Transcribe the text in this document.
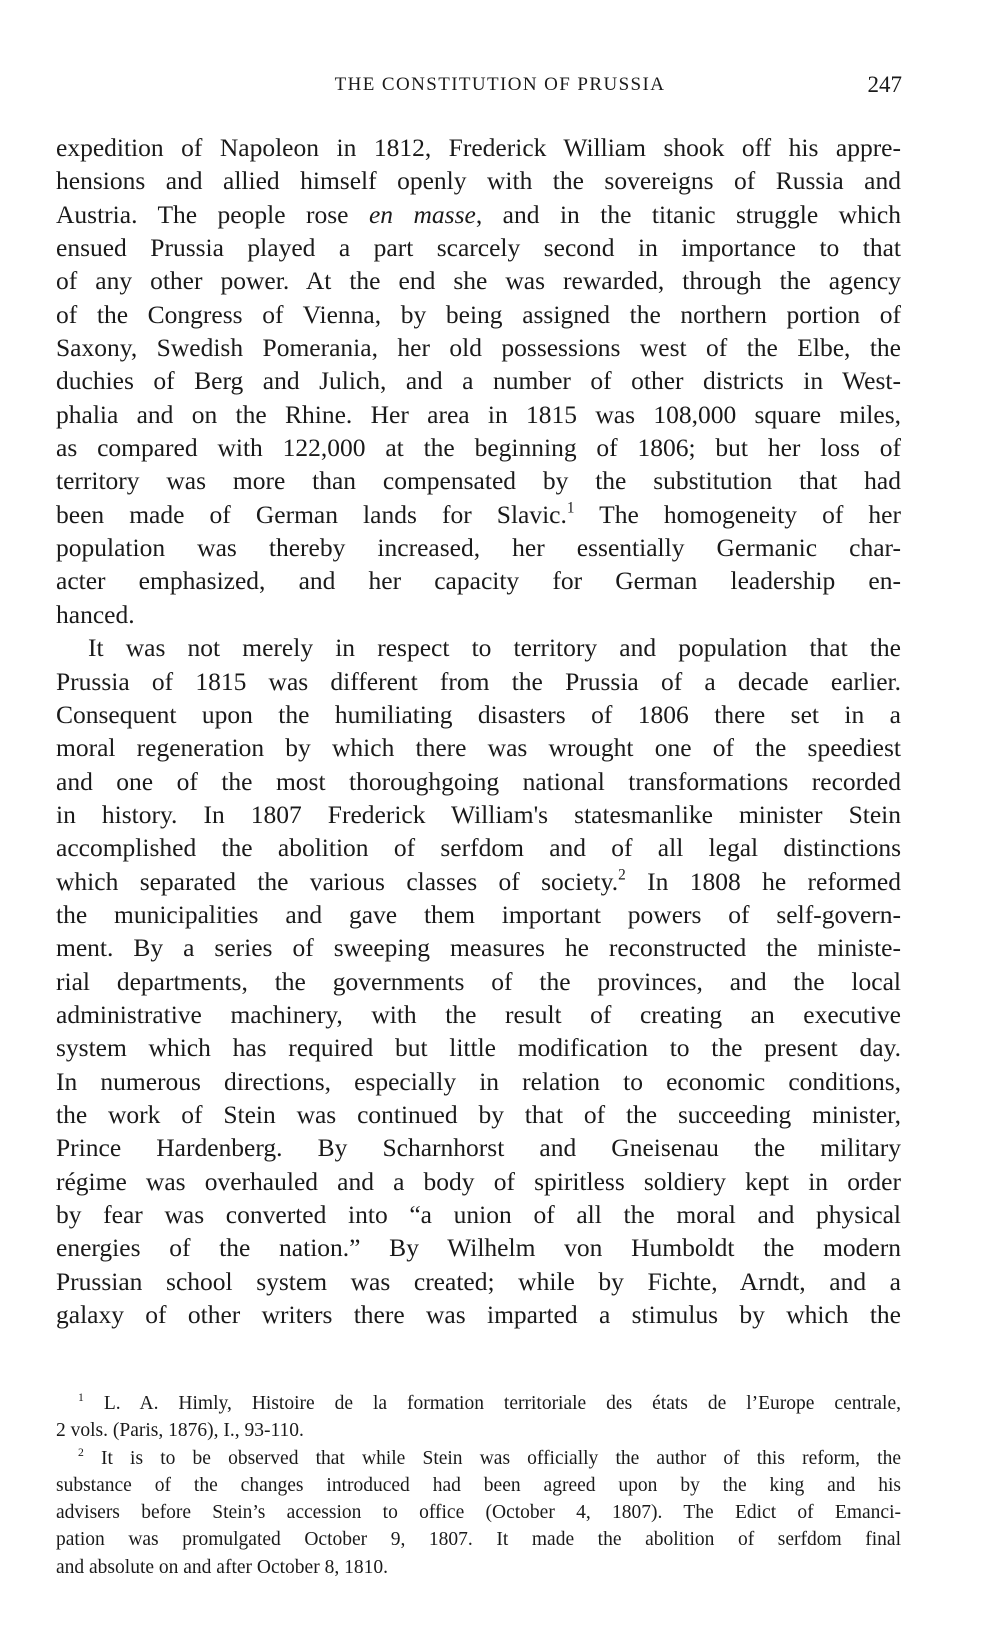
THE CONSTITUTION OF PRUSSIA	247
expedition of Napoleon in 1812, Frederick William shook off his appre-
hensions and allied himself openly with the sovereigns of Russia and
Austria. The people rose en masse, and in the titanic struggle which
ensued Prussia played a part scarcely second in importance to that
of any other power. At the end she was rewarded, through the agency
of the Congress of Vienna, by being assigned the northern portion of
Saxony, Swedish Pomerania, her old possessions west of the Elbe, the
duchies of Berg and Julich, and a number of other districts in West-
phalia and on the Rhine. Her area in 1815 was 108,000 square miles,
as compared with 122,000 at the beginning of 1806; but her loss of
territory was more than compensated by the substitution that had
been made of German lands for Slavic.$^1$ The homogeneity of her
population was thereby increased, her essentially Germanic char-
acter emphasized, and her capacity for German leadership en-
hanced.
It was not merely in respect to territory and population that the
Prussia of 1815 was different from the Prussia of a decade earlier.
Consequent upon the humiliating disasters of 1806 there set in a
moral regeneration by which there was wrought one of the speediest
and one of the most thoroughgoing national transformations recorded
in history. In 1807 Frederick William's statesmanlike minister Stein
accomplished the abolition of serfdom and of all legal distinctions
which separated the various classes of society.$^2$ In 1808 he reformed
the municipalities and gave them important powers of self-govern-
ment. By a series of sweeping measures he reconstructed the ministe-
rial departments, the governments of the provinces, and the local
administrative machinery, with the result of creating an executive
system which has required but little modification to the present day.
In numerous directions, especially in relation to economic conditions,
the work of Stein was continued by that of the succeeding minister,
Prince Hardenberg. By Scharnhorst and Gneisenau the military
régime was overhauled and a body of spiritless soldiery kept in order
by fear was converted into “a union of all the moral and physical
energies of the nation.” By Wilhelm von Humboldt the modern
Prussian school system was created; while by Fichte, Arndt, and a
galaxy of other writers there was imparted a stimulus by which the
$^1$ L. A. Himly, Histoire de la formation territoriale des états de l’Europe centrale,
2 vols. (Paris, 1876), I., 93-110.
$^2$ It is to be observed that while Stein was officially the author of this reform, the
substance of the changes introduced had been agreed upon by the king and his
advisers before Stein’s accession to office (October 4, 1807). The Edict of Emanci-
pation was promulgated October 9, 1807. It made the abolition of serfdom final
and absolute on and after October 8, 1810.
